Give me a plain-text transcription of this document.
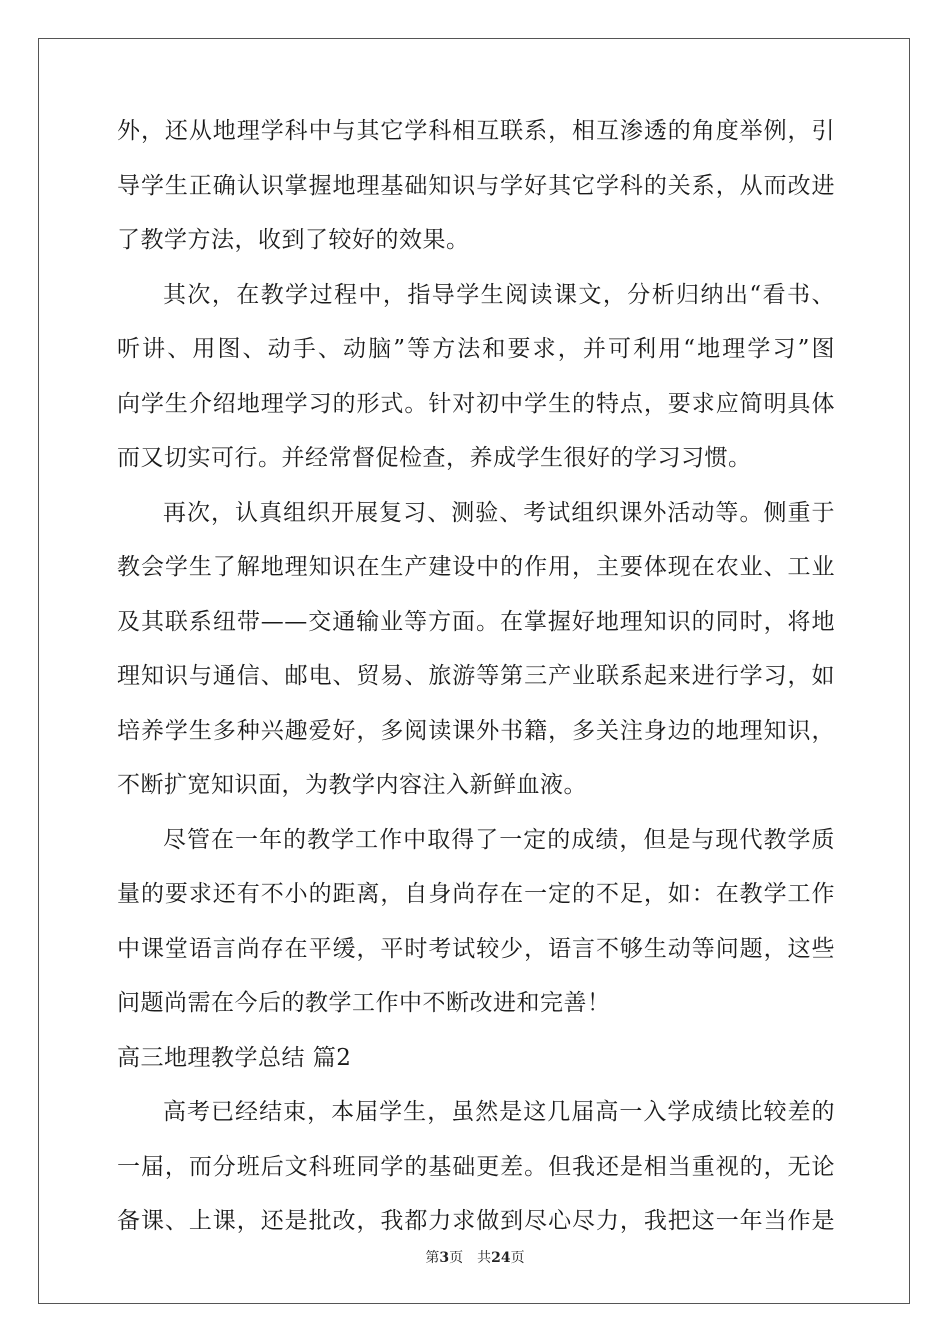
外，还从地理学科中与其它学科相互联系，相互渗透的角度举例，引
导学生正确认识掌握地理基础知识与学好其它学科的关系，从而改进
了教学方法，收到了较好的效果。
其次，在教学过程中，指导学生阅读课文，分析归纳出“看书、
听讲、用图、动手、动脑”等方法和要求，并可利用“地理学习”图
向学生介绍地理学习的形式。针对初中学生的特点，要求应简明具体
而又切实可行。并经常督促检查，养成学生很好的学习习惯。
再次，认真组织开展复习、测验、考试组织课外活动等。侧重于
教会学生了解地理知识在生产建设中的作用，主要体现在农业、工业
及其联系纽带——交通输业等方面。在掌握好地理知识的同时，将地
理知识与通信、邮电、贸易、旅游等第三产业联系起来进行学习，如
培养学生多种兴趣爱好，多阅读课外书籍，多关注身边的地理知识，
不断扩宽知识面，为教学内容注入新鲜血液。
尽管在一年的教学工作中取得了一定的成绩，但是与现代教学质
量的要求还有不小的距离，自身尚存在一定的不足，如：在教学工作
中课堂语言尚存在平缓，平时考试较少，语言不够生动等问题，这些
问题尚需在今后的教学工作中不断改进和完善！
高三地理教学总结 篇2
高考已经结束，本届学生，虽然是这几届高一入学成绩比较差的
一届，而分班后文科班同学的基础更差。但我还是相当重视的，无论
备课、上课，还是批改，我都力求做到尽心尽力，我把这一年当作是
第3页 共24页
